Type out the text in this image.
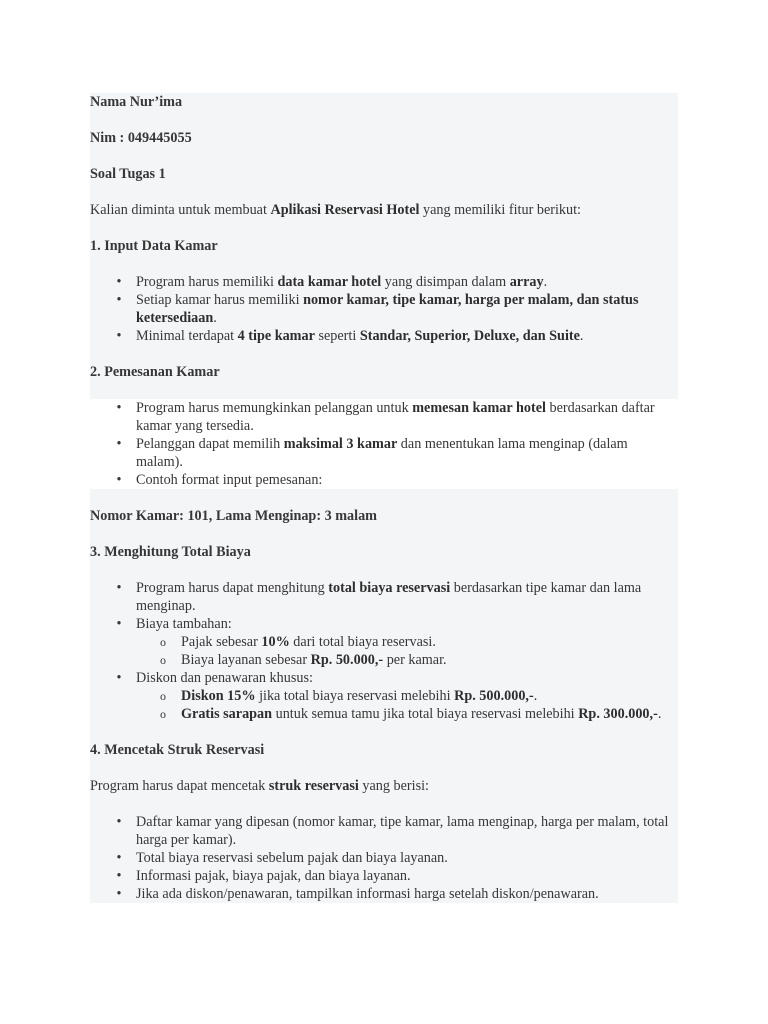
Nama Nur’ima

Nim : 049445055

Soal Tugas 1

Kalian diminta untuk membuat Aplikasi Reservasi Hotel yang memiliki fitur berikut:

1. Input Data Kamar

• Program harus memiliki data kamar hotel yang disimpan dalam array.
• Setiap kamar harus memiliki nomor kamar, tipe kamar, harga per malam, dan status ketersediaan.
• Minimal terdapat 4 tipe kamar seperti Standar, Superior, Deluxe, dan Suite.

2. Pemesanan Kamar

• Program harus memungkinkan pelanggan untuk memesan kamar hotel berdasarkan daftar kamar yang tersedia.
• Pelanggan dapat memilih maksimal 3 kamar dan menentukan lama menginap (dalam malam).
• Contoh format input pemesanan:

Nomor Kamar: 101, Lama Menginap: 3 malam

3. Menghitung Total Biaya

• Program harus dapat menghitung total biaya reservasi berdasarkan tipe kamar dan lama menginap.
• Biaya tambahan:
o Pajak sebesar 10% dari total biaya reservasi.
o Biaya layanan sebesar Rp. 50.000,- per kamar.
• Diskon dan penawaran khusus:
o Diskon 15% jika total biaya reservasi melebihi Rp. 500.000,-.
o Gratis sarapan untuk semua tamu jika total biaya reservasi melebihi Rp. 300.000,-.

4. Mencetak Struk Reservasi

Program harus dapat mencetak struk reservasi yang berisi:

• Daftar kamar yang dipesan (nomor kamar, tipe kamar, lama menginap, harga per malam, total harga per kamar).
• Total biaya reservasi sebelum pajak dan biaya layanan.
• Informasi pajak, biaya pajak, dan biaya layanan.
• Jika ada diskon/penawaran, tampilkan informasi harga setelah diskon/penawaran.
